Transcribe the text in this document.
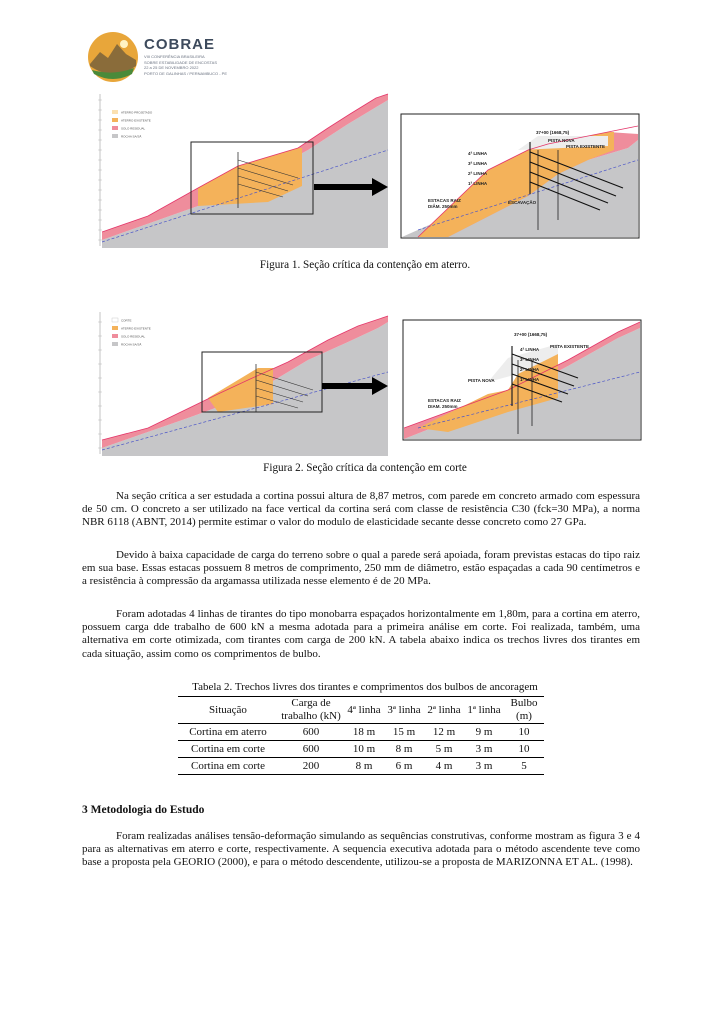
COBRAE
VIII CONFERÊNCIA BRASILEIRA
SOBRE ESTABILIDADE DE ENCOSTAS
22 a 25 DE NOVEMBRO 2022
PORTO DE GALINHAS / PERNAMBUCO - PE
ATERRO PROJETADO
ATERRO EXISTENTE
SOLO RESIDUAL
ROCHA SA/SÃ
4ª LINHA
3ª LINHA
2ª LINHA
1ª LINHA
PISTA NOVA
PISTA EXISTENTE
37+00 (1668,75)
ESTACAS RAIZ
DIÂM. 250mm
ESCAVAÇÃO
Figura 1. Seção crítica da contenção em aterro.
CORTE
ATERRO EXISTENTE
SOLO RESIDUAL
ROCHA SA/SÃ
4ª LINHA
3ª LINHA
2ª LINHA
1ª LINHA
PISTA NOVA
PISTA EXISTENTE
37+00 (1668,75)
ESTACAS RAIZ
DIAM. 250mm
Figura 2. Seção crítica da contenção em corte
Na seção crítica a ser estudada a cortina possui altura de 8,87 metros, com parede em concreto armado com espessura de 50 cm. O concreto a ser utilizado na face vertical da cortina será com classe de resistência C30 (fck=30 MPa), a norma NBR 6118 (ABNT, 2014) permite estimar o valor do modulo de elasticidade secante desse concreto como 27 GPa.
Devido à baixa capacidade de carga do terreno sobre o qual a parede será apoiada, foram previstas estacas do tipo raiz em sua base. Essas estacas possuem 8 metros de comprimento, 250 mm de diâmetro, estão espaçadas a cada 90 centímetros e a resistência à compressão da argamassa utilizada nesse elemento é de 20 MPa.
Foram adotadas 4 linhas de tirantes do tipo monobarra espaçados horizontalmente em 1,80m, para a cortina em aterro, possuem carga dde trabalho de 600 kN a mesma adotada para a primeira análise em corte. Foi realizada, também, uma alternativa em corte otimizada, com tirantes com carga de 200 kN. A tabela abaixo indica os trechos livres dos tirantes em cada situação, assim como os comprimentos de bulbo.
Tabela 2. Trechos livres dos tirantes e comprimentos dos bulbos de ancoragem
Situação	Carga de trabalho (kN)	4ª linha	3ª linha	2ª linha	1ª linha	Bulbo (m)
Cortina em aterro	600	18 m	15 m	12 m	9 m	10
Cortina em corte	600	10 m	8 m	5 m	3 m	10
Cortina em corte	200	8 m	6 m	4 m	3 m	5
3 Metodologia do Estudo
Foram realizadas análises tensão-deformação simulando as sequências construtivas, conforme mostram as figura 3 e 4 para as alternativas em aterro e corte, respectivamente. A sequencia executiva adotada para o método ascendente teve como base a proposta pela GEORIO (2000), e para o método descendente, utilizou-se a proposta de MARIZONNA ET AL. (1998).
